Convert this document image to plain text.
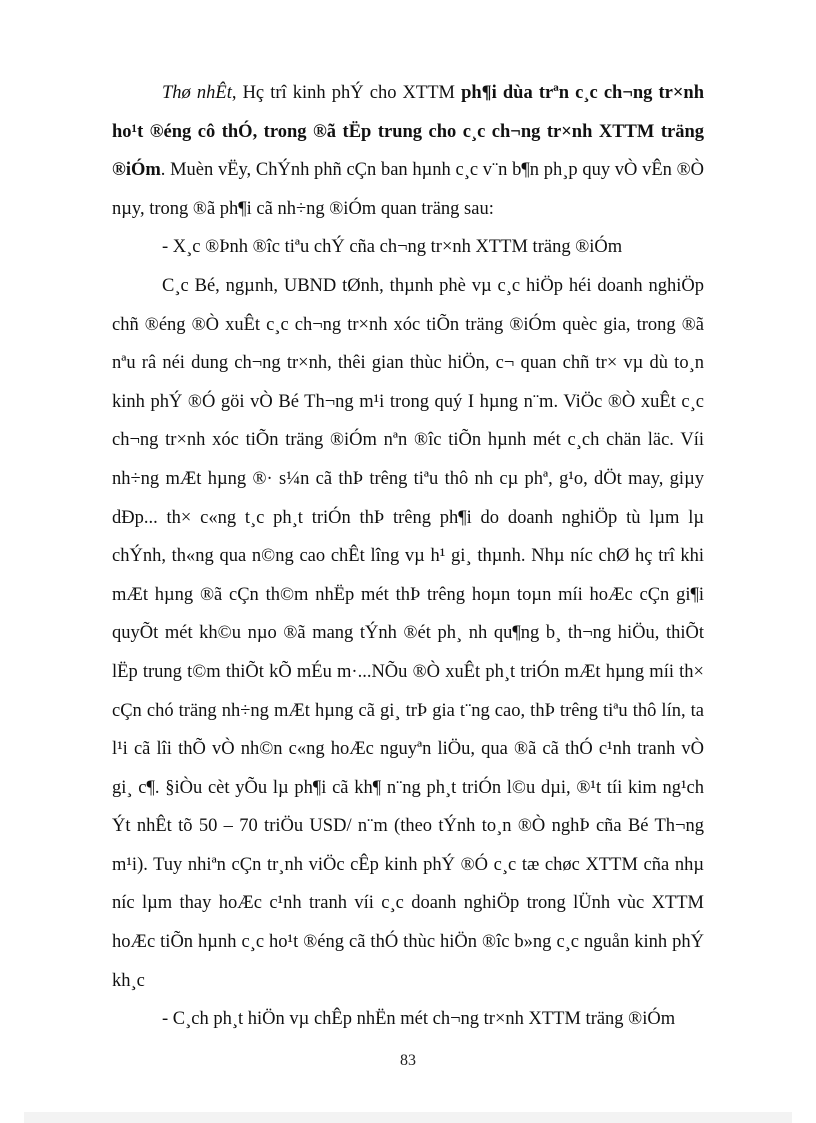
Thø nhÊt, Hç trî kinh phÝ cho XTTM ph¶i dùa trªn c¸c ch¬ng tr×nh ho¹t ®éng cô thÓ, trong ®ã tËp trung cho c¸c ch¬ng tr×nh XTTM träng ®iÓm. Muèn vËy, ChÝnh phñ cÇn ban hµnh c¸c v¨n b¶n ph¸p quy vÒ vÊn ®Ò nµy, trong ®ã ph¶i cã nh÷ng ®iÓm quan träng sau:

- X¸c ®Þnh ®îc tiªu chÝ cña ch¬ng tr×nh XTTM träng ®iÓm

C¸c Bé, ngµnh, UBND tØnh, thµnh phè vµ c¸c hiÖp héi doanh nghiÖp chñ ®éng ®Ò xuÊt c¸c ch¬ng tr×nh xóc tiÕn träng ®iÓm quèc gia, trong ®ã nªu râ néi dung ch¬ng tr×nh, thêi gian thùc hiÖn, c¬ quan chñ tr× vµ dù to¸n kinh phÝ ®Ó göi vÒ Bé Th¬ng m¹i trong quý I hµng n¨m. ViÖc ®Ò xuÊt c¸c ch¬ng tr×nh xóc tiÕn träng ®iÓm nªn ®îc tiÕn hµnh mét c¸ch chän läc. Víi nh÷ng mÆt hµng ®· s¼n cã thÞ trêng tiªu thô nh cµ phª, g¹o, dÖt may, giµy dÐp... th× c«ng t¸c ph¸t triÓn thÞ trêng ph¶i do doanh nghiÖp tù lµm lµ chÝnh, th«ng qua n©ng cao chÊt lîng vµ h¹ gi¸ thµnh. Nhµ níc chØ hç trî khi mÆt hµng ®ã cÇn th©m nhËp mét thÞ trêng hoµn toµn míi hoÆc cÇn gi¶i quyÕt mét kh©u nµo ®ã mang tÝnh ®ét ph¸ nh qu¶ng b¸ th¬ng hiÖu, thiÕt lËp trung t©m thiÕt kÕ mÉu m·...NÕu ®Ò xuÊt ph¸t triÓn mÆt hµng míi th× cÇn chó träng nh÷ng mÆt hµng cã gi¸ trÞ gia t¨ng cao, thÞ trêng tiªu thô lín, ta l¹i cã lîi thÕ vÒ nh©n c«ng hoÆc nguyªn liÖu, qua ®ã cã thÓ c¹nh tranh vÒ gi¸ c¶. §iÒu cèt yÕu lµ ph¶i cã kh¶ n¨ng ph¸t triÓn l©u dµi, ®¹t tíi kim ng¹ch Ýt nhÊt tõ 50 – 70 triÖu USD/ n¨m (theo tÝnh to¸n ®Ò nghÞ cña Bé Th¬ng m¹i). Tuy nhiªn cÇn tr¸nh viÖc cÊp kinh phÝ ®Ó c¸c tæ chøc XTTM cña nhµ níc lµm thay hoÆc c¹nh tranh víi c¸c doanh nghiÖp trong lÜnh vùc XTTM hoÆc tiÕn hµnh c¸c ho¹t ®éng cã thÓ thùc hiÖn ®îc b»ng c¸c nguån kinh phÝ kh¸c

- C¸ch ph¸t hiÖn vµ chÊp nhËn mét ch¬ng tr×nh XTTM träng ®iÓm

83
